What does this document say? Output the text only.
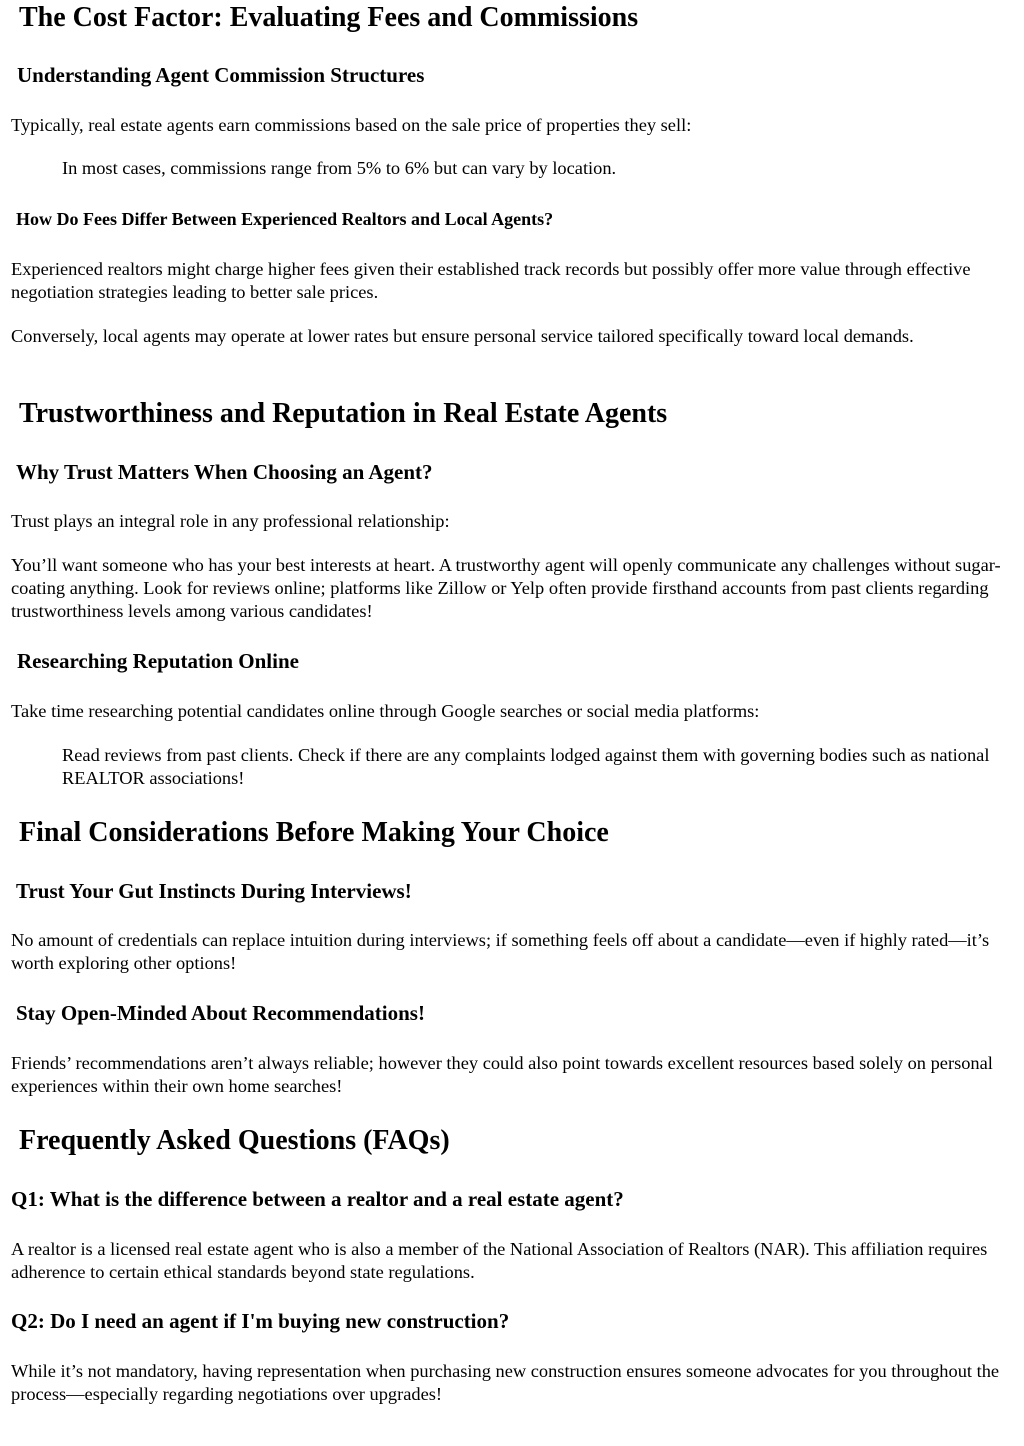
The Cost Factor: Evaluating Fees and Commissions
Understanding Agent Commission Structures

Typically, real estate agents earn commissions based on the sale price of properties they sell:

In most cases, commissions range from 5% to 6% but can vary by location.

How Do Fees Differ Between Experienced Realtors and Local Agents?

Experienced realtors might charge higher fees given their established track records but possibly offer more value through effective negotiation strategies leading to better sale prices.

Conversely, local agents may operate at lower rates but ensure personal service tailored specifically toward local demands.

Trustworthiness and Reputation in Real Estate Agents
Why Trust Matters When Choosing an Agent?

Trust plays an integral role in any professional relationship:

You’ll want someone who has your best interests at heart. A trustworthy agent will openly communicate any challenges without sugar-coating anything. Look for reviews online; platforms like Zillow or Yelp often provide firsthand accounts from past clients regarding trustworthiness levels among various candidates!

Researching Reputation Online

Take time researching potential candidates online through Google searches or social media platforms:

Read reviews from past clients. Check if there are any complaints lodged against them with governing bodies such as national REALTOR associations!

Final Considerations Before Making Your Choice
Trust Your Gut Instincts During Interviews!

No amount of credentials can replace intuition during interviews; if something feels off about a candidate—even if highly rated—it’s worth exploring other options!

Stay Open-Minded About Recommendations!

Friends’ recommendations aren’t always reliable; however they could also point towards excellent resources based solely on personal experiences within their own home searches!

Frequently Asked Questions (FAQs)
Q1: What is the difference between a realtor and a real estate agent?

A realtor is a licensed real estate agent who is also a member of the National Association of Realtors (NAR). This affiliation requires adherence to certain ethical standards beyond state regulations.

Q2: Do I need an agent if I'm buying new construction?

While it’s not mandatory, having representation when purchasing new construction ensures someone advocates for you throughout the process—especially regarding negotiations over upgrades!
